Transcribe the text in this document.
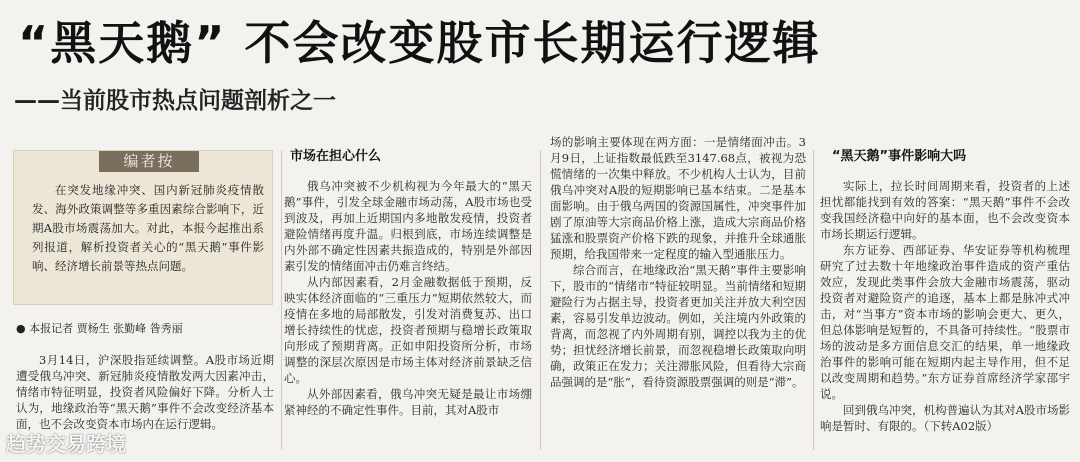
“黑天鹅” 不会改变股市长期运行逻辑
——当前股市热点问题剖析之一
编者按
在突发地缘冲突、国内新冠肺炎疫情散发、海外政策调整等多重因素综合影响下，近期A股市场震荡加大。对此，本报今起推出系列报道，解析投资者关心的“黑天鹅”事件影响、经济增长前景等热点问题。
● 本报记者 贾杨生 张勤峰 昝秀丽

3月14日，沪深股指延续调整。A股市场近期遭受俄乌冲突、新冠肺炎疫情散发两大因素冲击，情绪市特征明显，投资者风险偏好下降。分析人士认为，地缘政治等“黑天鹅”事件不会改变经济基本面，也不会改变资本市场内在运行逻辑。

市场在担心什么

俄乌冲突被不少机构视为今年最大的“黑天鹅”事件，引发全球金融市场动荡，A股市场也受到波及，再加上近期国内多地散发疫情，投资者避险情绪再度升温。归根到底，市场连续调整是内外部不确定性因素共振造成的，特别是外部因素引发的情绪面冲击仍难言终结。

从内部因素看，2月金融数据低于预期，反映实体经济面临的“三重压力”短期依然较大，而疫情在多地的局部散发，引发对消费复苏、出口增长持续性的忧虑，投资者预期与稳增长政策取向形成了预期背离。正如申阳投资所分析，市场调整的深层次原因是市场主体对经济前景缺乏信心。

从外部因素看，俄乌冲突无疑是最让市场绷紧神经的不确定性事件。目前，其对A股市

场的影响主要体现在两方面：一是情绪面冲击。3月9日，上证指数最低跌至3147.68点，被视为恐慌情绪的一次集中释放。不少机构人士认为，目前俄乌冲突对A股的短期影响已基本结束。二是基本面影响。由于俄乌两国的资源国属性，冲突事件加剧了原油等大宗商品价格上涨，造成大宗商品价格猛涨和股票资产价格下跌的现象，并推升全球通胀预期，给我国带来一定程度的输入型通胀压力。

综合而言，在地缘政治“黑天鹅”事件主要影响下，股市的“情绪市”特征较明显。当前情绪和短期避险行为占据主导，投资者更加关注并放大利空因素，容易引发单边波动。例如，关注境内外政策的背离，而忽视了内外周期有别，调控以我为主的优势；担忧经济增长前景，而忽视稳增长政策取向明确，政策正在发力；关注滞胀风险，但看待大宗商品强调的是“胀”，看待资源股票强调的则是“滞”。

“黑天鹅”事件影响大吗

实际上，拉长时间周期来看，投资者的上述担忧都能找到有效的答案：“黑天鹅”事件不会改变我国经济稳中向好的基本面，也不会改变资本市场长期运行逻辑。

东方证券、西部证券、华安证券等机构梳理研究了过去数十年地缘政治事件造成的资产重估效应，发现此类事件会放大金融市场震荡，驱动投资者对避险资产的追逐，基本上都是脉冲式冲击，对“当事方”资本市场的影响会更大、更久，但总体影响是短暂的，不具备可持续性。“股票市场的波动是多方面信息交汇的结果，单一地缘政治事件的影响可能在短期内起主导作用，但不足以改变周期和趋势。”东方证券首席经济学家邵宇说。

回到俄乌冲突，机构普遍认为其对A股市场影响是暂时、有限的。（下转A02版）

趋势交易跨境
